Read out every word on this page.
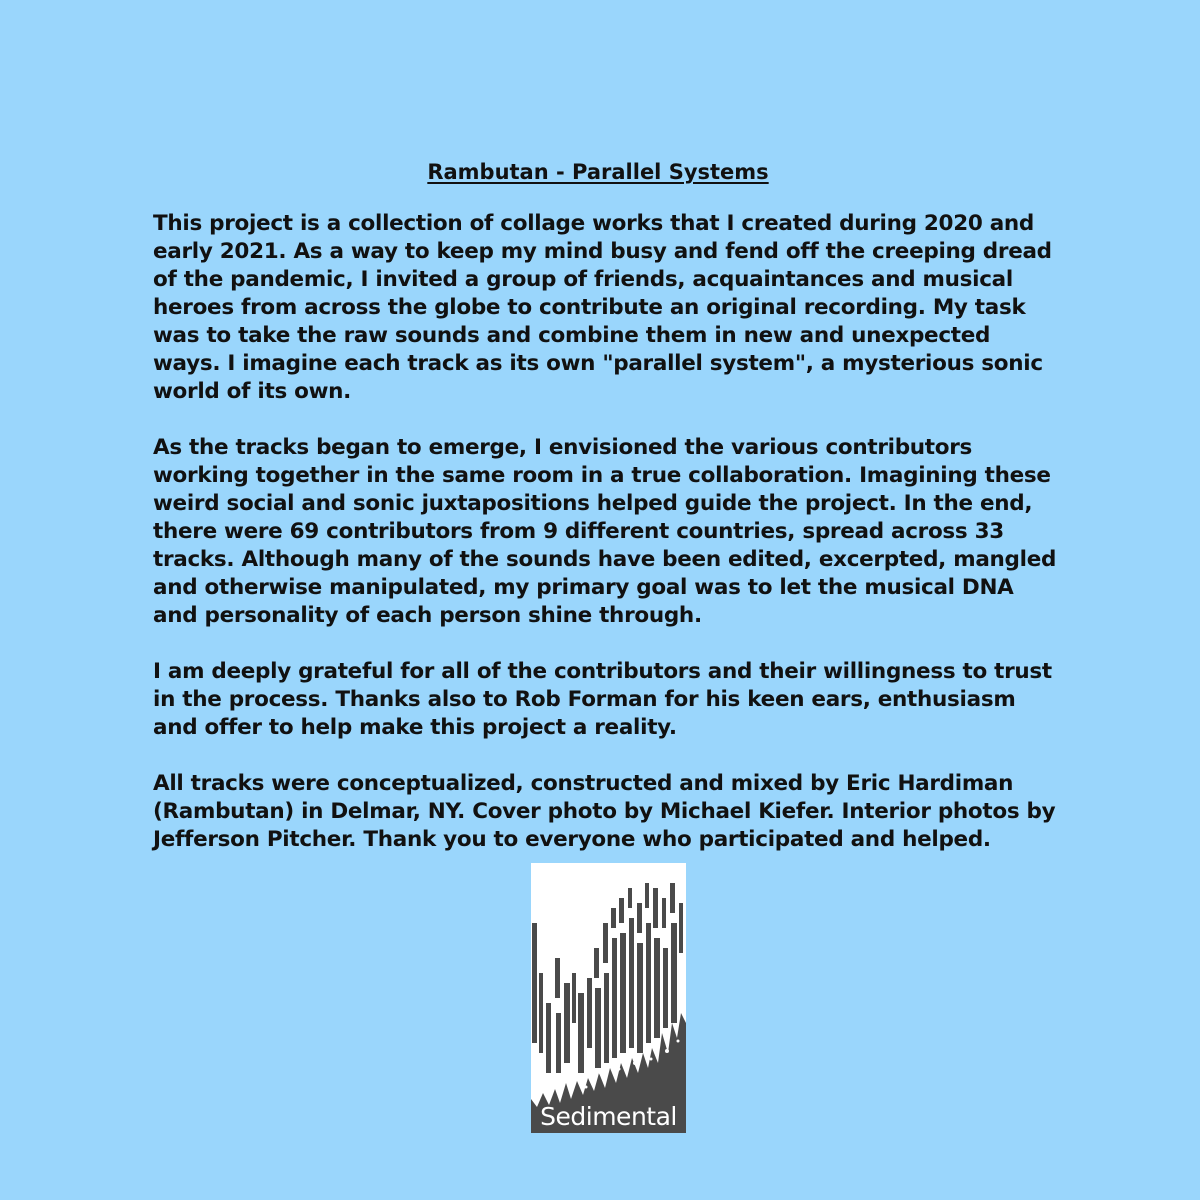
Rambutan - Parallel Systems

This project is a collection of collage works that I created during 2020 and early 2021. As a way to keep my mind busy and fend off the creeping dread of the pandemic, I invited a group of friends, acquaintances and musical heroes from across the globe to contribute an original recording. My task was to take the raw sounds and combine them in new and unexpected ways. I imagine each track as its own "parallel system", a mysterious sonic world of its own.

As the tracks began to emerge, I envisioned the various contributors working together in the same room in a true collaboration. Imagining these weird social and sonic juxtapositions helped guide the project. In the end, there were 69 contributors from 9 different countries, spread across 33 tracks. Although many of the sounds have been edited, excerpted, mangled and otherwise manipulated, my primary goal was to let the musical DNA and personality of each person shine through.

I am deeply grateful for all of the contributors and their willingness to trust in the process. Thanks also to Rob Forman for his keen ears, enthusiasm and offer to help make this project a reality.

All tracks were conceptualized, constructed and mixed by Eric Hardiman (Rambutan) in Delmar, NY. Cover photo by Michael Kiefer. Interior photos by Jefferson Pitcher. Thank you to everyone who participated and helped.

Sedimental
